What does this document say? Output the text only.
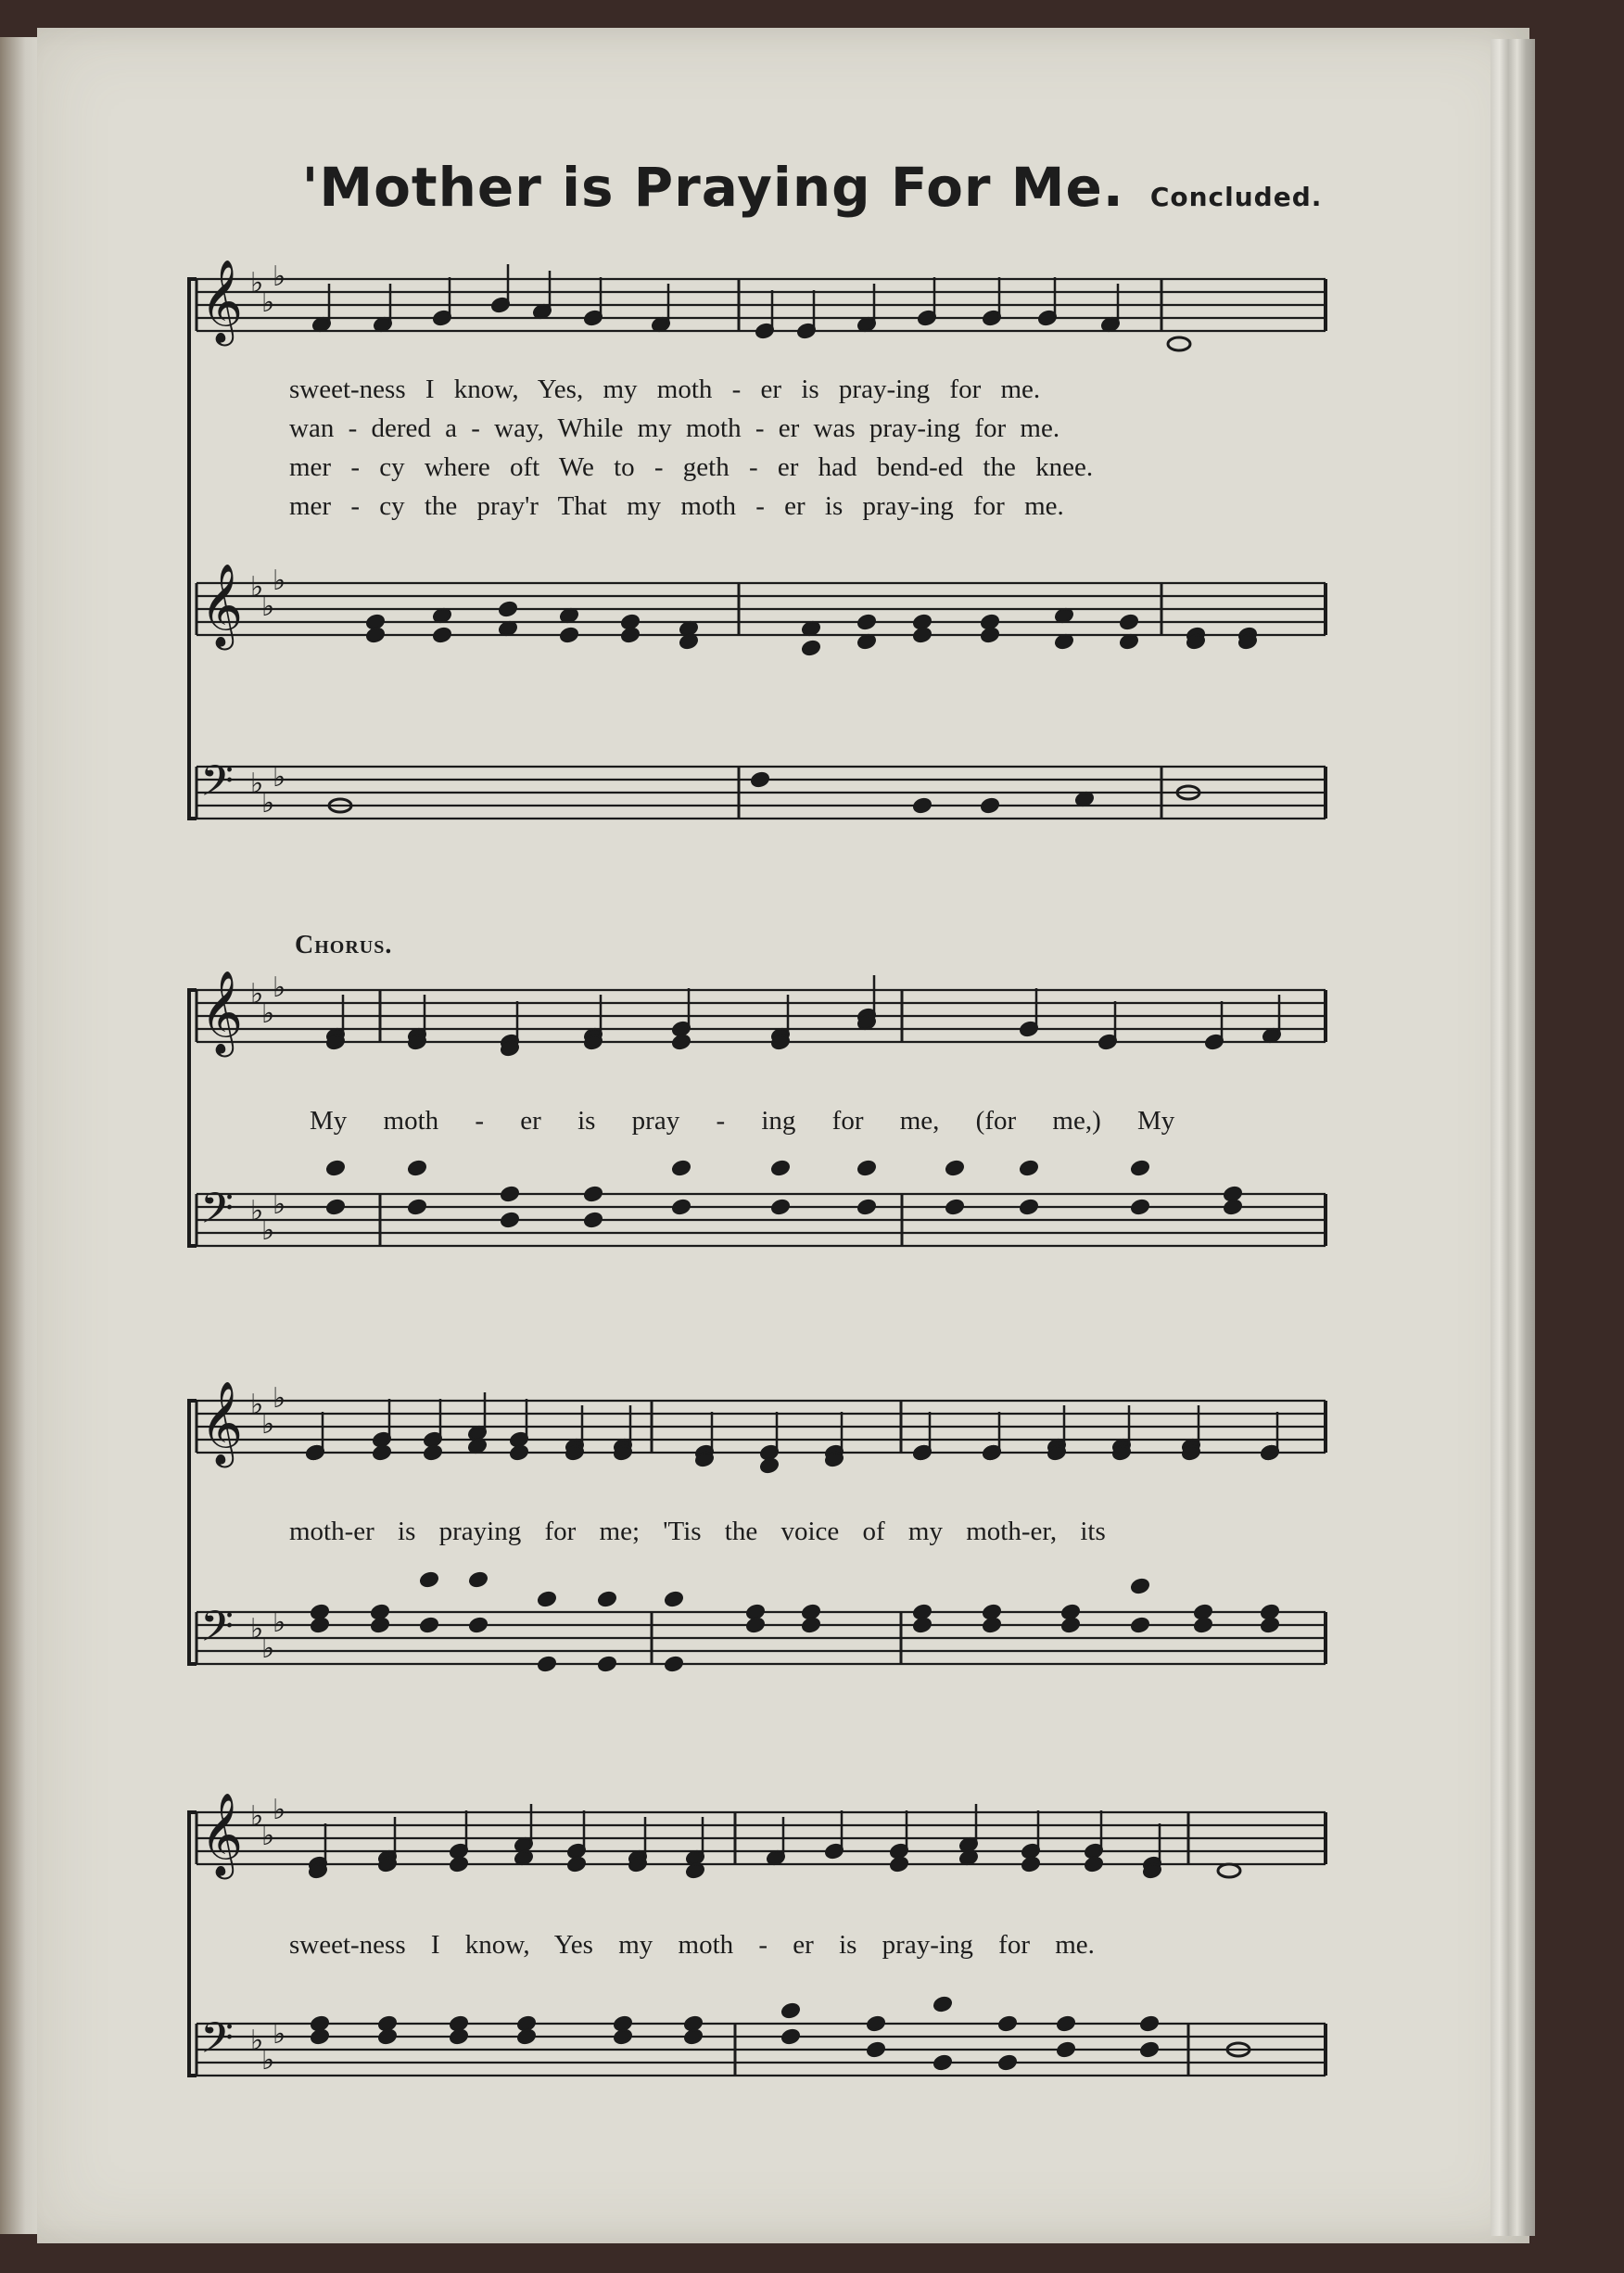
'Mother is Praying For Me. Concluded.
Chorus.
sweet-ness I know, Yes, my moth - er is pray-ing for me.
wan - dered a - way, While my moth - er was pray-ing for me.
mer - cy where oft We to - geth - er had bend-ed the knee.
mer - cy the pray'r That my moth - er is pray-ing for me.
My moth - er is pray - ing for me, (for me,) My
moth-er is praying for me; 'Tis the voice of my moth-er, its
sweet-ness I know, Yes my moth - er is pray-ing for me.
𝄞 ♭
♭
♭
𝄞 ♭
♭
♭
𝄢 ♭
♭
♭
𝄞 ♭
♭
♭
𝄢 ♭
♭
♭
𝄞 ♭
♭
♭
𝄢 ♭
♭
♭
𝄞 ♭
♭
♭
𝄢 ♭
♭
♭
